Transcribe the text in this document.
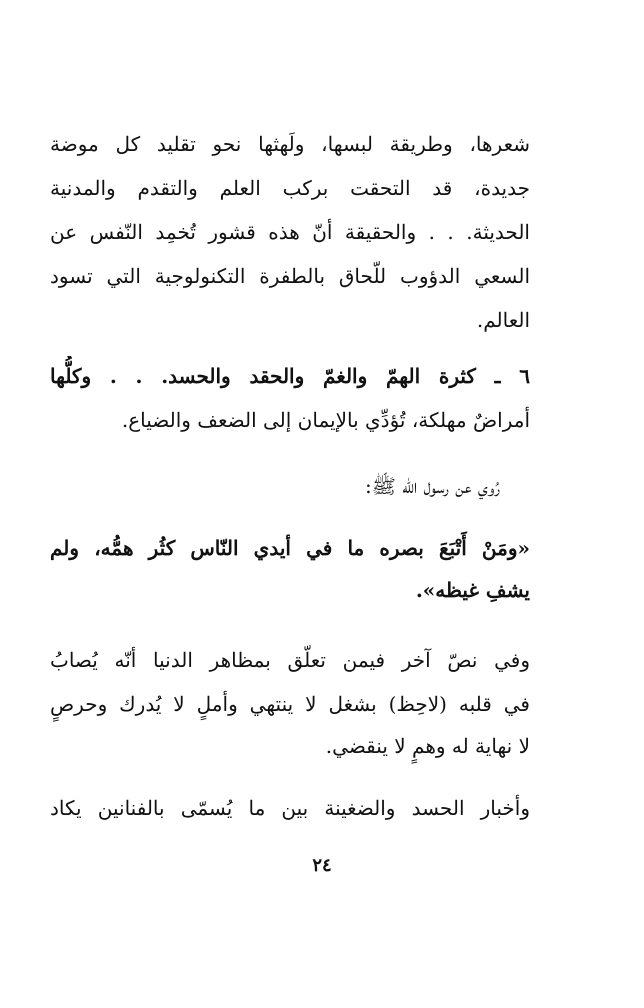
شعرها، وطريقة لبسها، ولَهثها نحو تقليد كل موضة
جديدة، قد التحقت بركب العلم والتقدم والمدنية
الحديثة. . . والحقيقة أنّ هذه قشور تُخمِد النّفس عن
السعي الدؤوب للّحاق بالطفرة التكنولوجية التي تسود
العالم.
٦ ـ كثرة الهمّ والغمّ والحقد والحسد. . . وكلُّها
أمراضٌ مهلكة، تُؤدِّي بالإيمان إلى الضعف والضياع.
رُوي عن رسول الله ﷺ:
«ومَنْ أَتْبَعَ بصره ما في أيدي النّاس كثُر همُّه، ولم
يشفِ غيظه».
وفي نصّ آخر فيمن تعلّق بمظاهر الدنيا أنّه يُصابُ
في قلبه (لاحِظ) بشغل لا ينتهي وأملٍ لا يُدرك وحرصٍ
لا نهاية له وهمٍ لا ينقضي.
وأخبار الحسد والضغينة بين ما يُسمّى بالفنانين يكاد
٢٤
